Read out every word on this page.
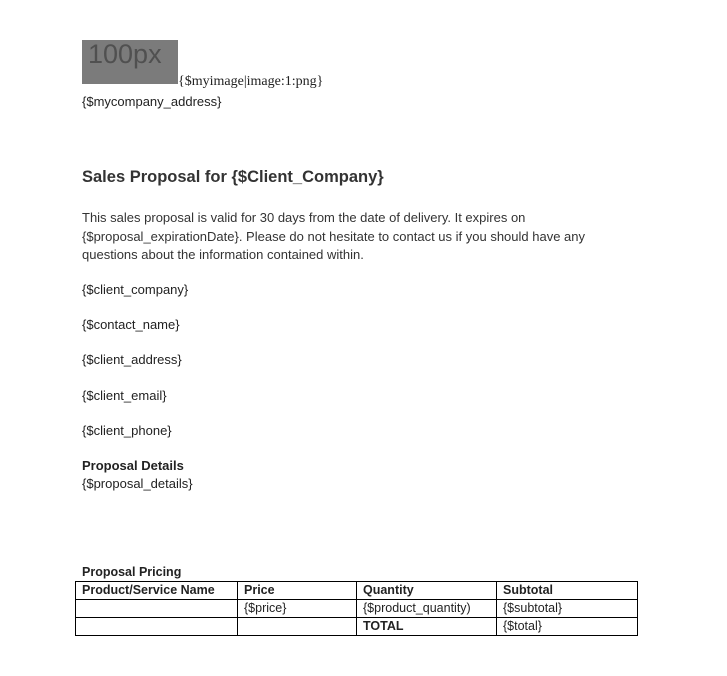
100px
{$myimage|image:1:png}
{$mycompany_address}
Sales Proposal for {$Client_Company}
This sales proposal is valid for 30 days from the date of delivery. It expires on {$proposal_expirationDate}. Please do not hesitate to contact us if you should have any questions about the information contained within.
{$client_company}
{$contact_name}
{$client_address}
{$client_email}
{$client_phone}
Proposal Details
{$proposal_details}
Proposal Pricing
Product/Service Name	Price	Quantity	Subtotal
	{$price}	{$product_quantity)	{$subtotal}
		TOTAL	{$total}
